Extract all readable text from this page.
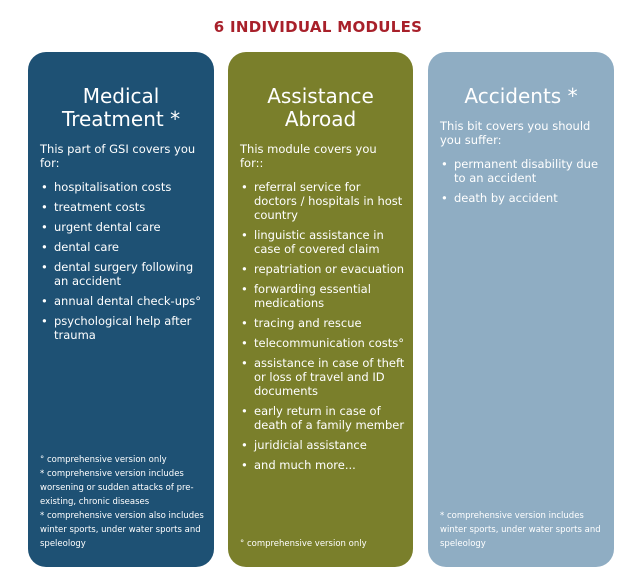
6 INDIVIDUAL MODULES
Medical Treatment *
This part of GSI covers you for:
• hospitalisation costs
• treatment costs
• urgent dental care
• dental care
• dental surgery following an accident
• annual dental check-ups°
• psychological help after trauma
° comprehensive version only
* comprehensive version includes worsening or sudden attacks of pre-existing, chronic diseases
* comprehensive version also includes winter sports, under water sports and speleology
Assistance Abroad
This module covers you for::
• referral service for doctors / hospitals in host country
• linguistic assistance in case of covered claim
• repatriation or evacuation
• forwarding essential medications
• tracing and rescue
• telecommunication costs°
• assistance in case of theft or loss of travel and ID documents
• early return in case of death of a family member
• juridicial assistance
• and much more...
° comprehensive version only
Accidents *
This bit covers you should you suffer:
• permanent disability due to an accident
• death by accident
* comprehensive version includes winter sports, under water sports and speleology
